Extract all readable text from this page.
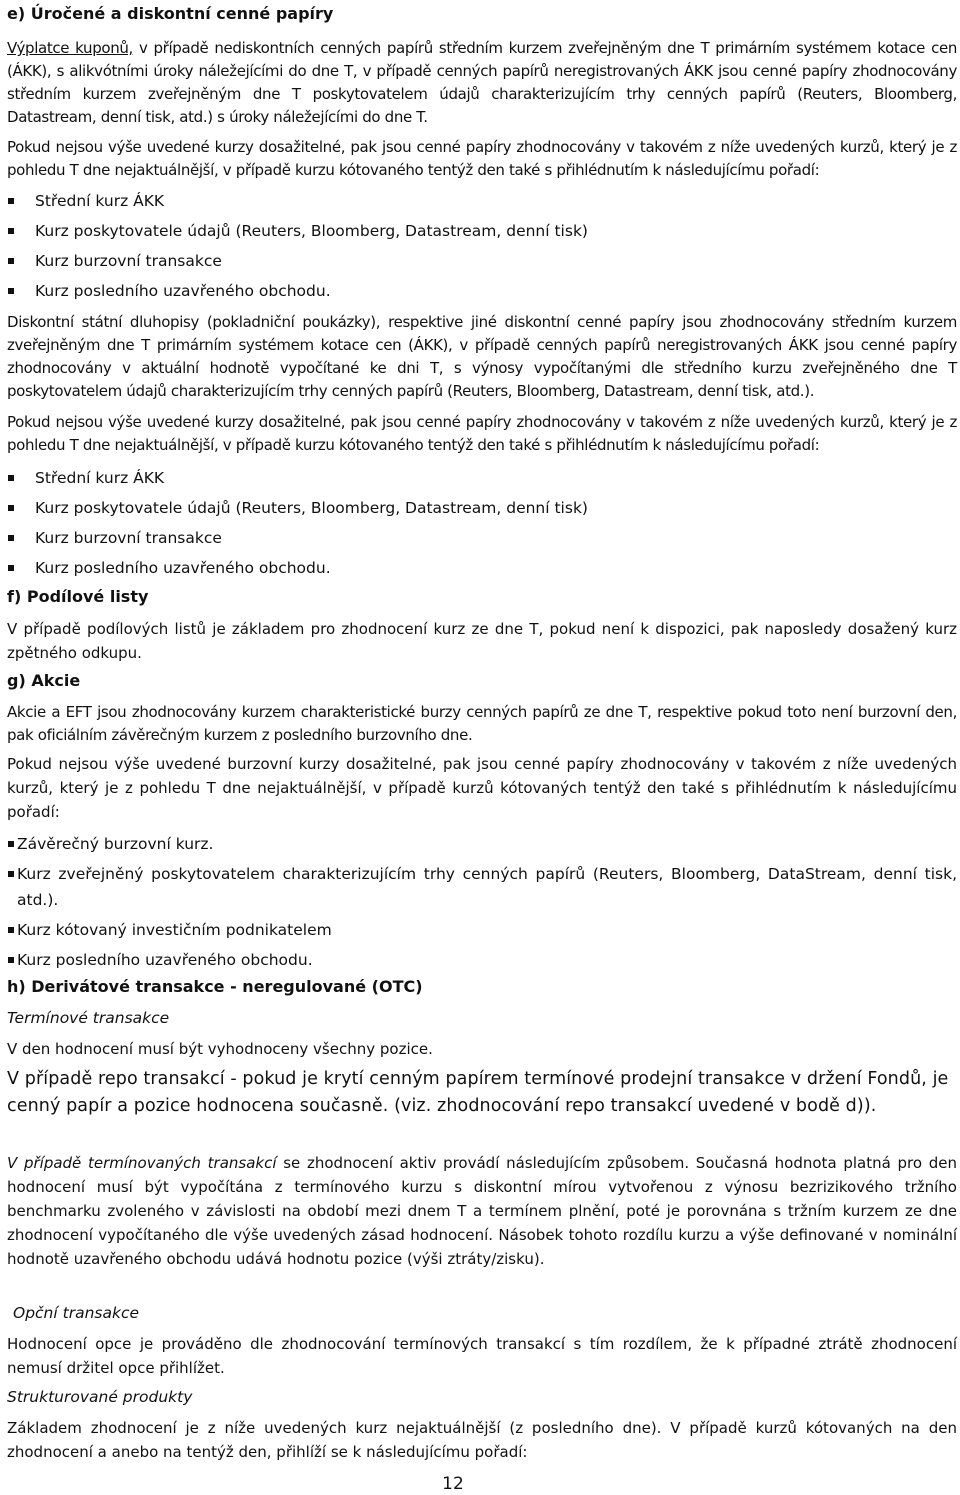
e) Úročené a diskontní cenné papíry

Výplatce kuponů, v případě nediskontních cenných papírů středním kurzem zveřejněným dne T primárním systémem kotace cen (ÁKK), s alikvótními úroky náležejícími do dne T, v případě cenných papírů neregistrovaných ÁKK jsou cenné papíry zhodnocovány středním kurzem zveřejněným dne T poskytovatelem údajů charakterizujícím trhy cenných papírů (Reuters, Bloomberg, Datastream, denní tisk, atd.) s úroky náležejícími do dne T.

Pokud nejsou výše uvedené kurzy dosažitelné, pak jsou cenné papíry zhodnocovány v takovém z níže uvedených kurzů, který je z pohledu T dne nejaktuálnější, v případě kurzu kótovaného tentýž den také s přihlédnutím k následujícímu pořadí:

Střední kurz ÁKK
Kurz poskytovatele údajů (Reuters, Bloomberg, Datastream, denní tisk)
Kurz burzovní transakce
Kurz posledního uzavřeného obchodu.

Diskontní státní dluhopisy (pokladniční poukázky), respektive jiné diskontní cenné papíry jsou zhodnocovány středním kurzem zveřejněným dne T primárním systémem kotace cen (ÁKK), v případě cenných papírů neregistrovaných ÁKK jsou cenné papíry zhodnocovány v aktuální hodnotě vypočítané ke dni T, s výnosy vypočítanými dle středního kurzu zveřejněného dne T poskytovatelem údajů charakterizujícím trhy cenných papírů (Reuters, Bloomberg, Datastream, denní tisk, atd.).

Pokud nejsou výše uvedené kurzy dosažitelné, pak jsou cenné papíry zhodnocovány v takovém z níže uvedených kurzů, který je z pohledu T dne nejaktuálnější, v případě kurzu kótovaného tentýž den také s přihlédnutím k následujícímu pořadí:

Střední kurz ÁKK
Kurz poskytovatele údajů (Reuters, Bloomberg, Datastream, denní tisk)
Kurz burzovní transakce
Kurz posledního uzavřeného obchodu.
f) Podílové listy

V případě podílových listů je základem pro zhodnocení kurz ze dne T, pokud není k dispozici, pak naposledy dosažený kurz zpětného odkupu.

g) Akcie

Akcie a EFT jsou zhodnocovány kurzem charakteristické burzy cenných papírů ze dne T, respektive pokud toto není burzovní den, pak oficiálním závěrečným kurzem z posledního burzovního dne.

Pokud nejsou výše uvedené burzovní kurzy dosažitelné, pak jsou cenné papíry zhodnocovány v takovém z níže uvedených kurzů, který je z pohledu T dne nejaktuálnější, v případě kurzů kótovaných tentýž den také s přihlédnutím k následujícímu pořadí:

Závěrečný burzovní kurz.
Kurz zveřejněný poskytovatelem charakterizujícím trhy cenných papírů (Reuters, Bloomberg, DataStream, denní tisk, atd.).
Kurz kótovaný investičním podnikatelem
Kurz posledního uzavřeného obchodu.
h) Derivátové transakce - neregulované (OTC)
Termínové transakce

V den hodnocení musí být vyhodnoceny všechny pozice.

V případě repo transakcí - pokud je krytí cenným papírem termínové prodejní transakce v držení Fondů, je cenný papír a pozice hodnocena současně. (viz. zhodnocování repo transakcí uvedené v bodě d)).

V případě termínovaných transakcí se zhodnocení aktiv provádí následujícím způsobem. Současná hodnota platná pro den hodnocení musí být vypočítána z termínového kurzu s diskontní mírou vytvořenou z výnosu bezrizikového tržního benchmarku zvoleného v závislosti na období mezi dnem T a termínem plnění, poté je porovnána s tržním kurzem ze dne zhodnocení vypočítaného dle výše uvedených zásad hodnocení. Násobek tohoto rozdílu kurzu a výše definované v nominální hodnotě uzavřeného obchodu udává hodnotu pozice (výši ztráty/zisku).

Opční transakce

Hodnocení opce je prováděno dle zhodnocování termínových transakcí s tím rozdílem, že k případné ztrátě zhodnocení nemusí držitel opce přihlížet.

Strukturované produkty

Základem zhodnocení je z níže uvedených kurz nejaktuálnější (z posledního dne). V případě kurzů kótovaných na den zhodnocení a anebo na tentýž den, přihlíží se k následujícímu pořadí:

12
